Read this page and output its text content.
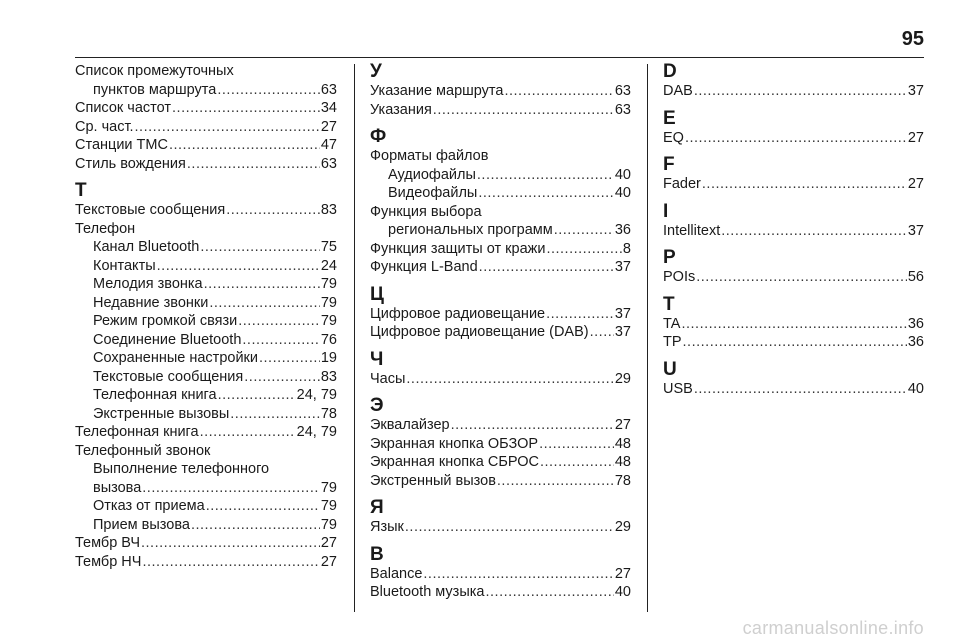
95
Список промежуточных
пунктов маршрута .....	63
Список частот .....	34
Ср. част. .....	27
Станции TMC .....	47
Стиль вождения .....	63
Т
Текстовые сообщения .....	83
Телефон
Канал Bluetooth .....	75
Контакты .....	24
Мелодия звонка .....	79
Недавние звонки .....	79
Режим громкой связи .....	79
Соединение Bluetooth .....	76
Сохраненные настройки .....	19
Текстовые сообщения .....	83
Телефонная книга .....	24, 79
Экстренные вызовы .....	78
Телефонная книга .....	24, 79
Телефонный звонок
Выполнение телефонного
вызова .....	79
Отказ от приема .....	79
Прием вызова .....	79
Тембр ВЧ .....	27
Тембр НЧ .....	27
У
Указание маршрута .....	63
Указания .....	63
Ф
Форматы файлов
Аудиофайлы .....	40
Видеофайлы .....	40
Функция выбора
региональных программ .....	36
Функция защиты от кражи .....	8
Функция L-Band .....	37
Ц
Цифровое радиовещание .....	37
Цифровое радиовещание (DAB) ..... 37
Ч
Часы .....	29
Э
Эквалайзер .....	27
Экранная кнопка ОБЗОР .....	48
Экранная кнопка СБРОС .....	48
Экстренный вызов .....	78
Я
Язык .....	29
B
Balance .....	27
Bluetooth музыка .....	40
D
DAB .....	37
E
EQ .....	27
F
Fader .....	27
I
Intellitext .....	37
P
POIs .....	56
T
TA .....	36
TP .....	36
U
USB .....	40
carmanualsonline.info
